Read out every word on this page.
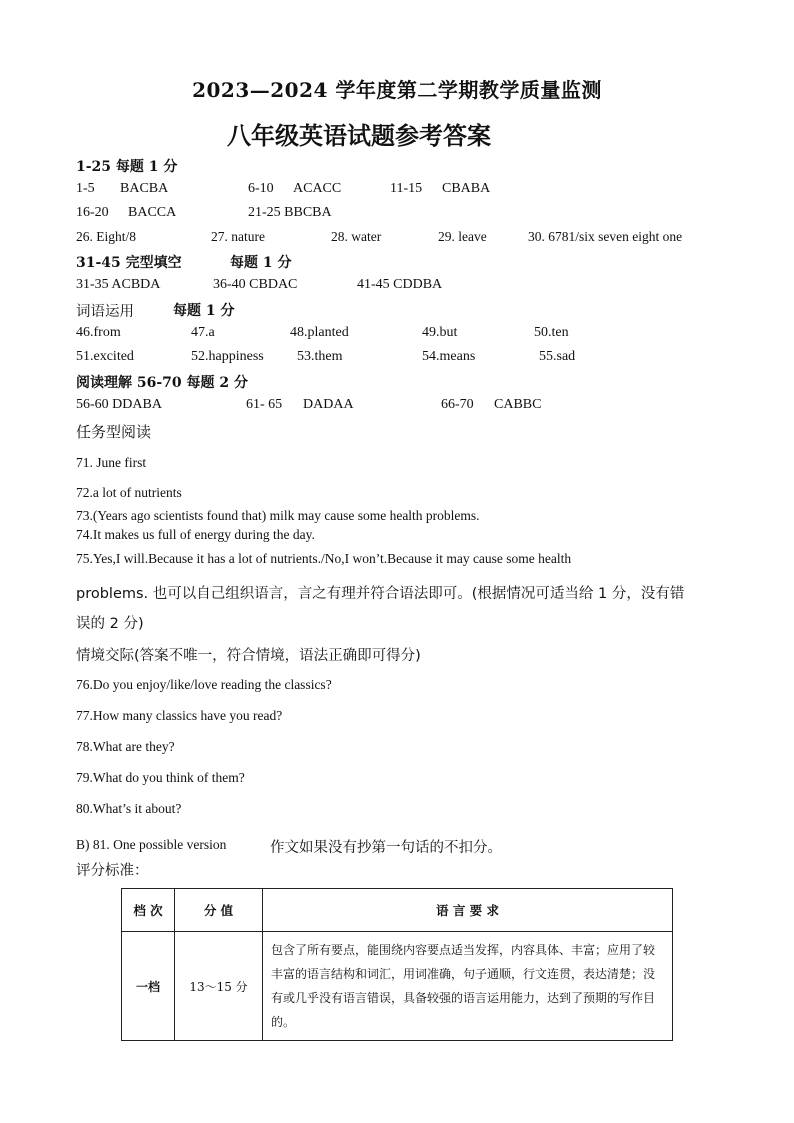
2023—2024 学年度第二学期教学质量监测
八年级英语试题参考答案
1-25 每题 1 分
1-5 BACBA	6-10 ACACC	11-15 CBABA
16-20 BACCA	21-25 BBCBA
26. Eight/8	27. nature	28. water	29. leave	30. 6781/six seven eight one
31-45 完型填空	每题 1 分
31-35 ACBDA	36-40 CBDAC	41-45 CDDBA
词语运用	每题 1 分
46.from	47.a	48.planted	49.but	50.ten
51.excited	52.happiness 53.them	54.means	55.sad
阅读理解 56-70 每题 2 分
56-60 DDABA	61- 65 DADAA	66-70 CABBC
任务型阅读
71. June first
72.a lot of nutrients
73.(Years ago scientists found that) milk may cause some health problems.
74.It makes us full of energy during the day.
75.Yes,I will.Because it has a lot of nutrients./No,I won’t.Because it may cause some health
problems. 也可以自己组织语言，言之有理并符合语法即可。(根据情况可适当给 1 分，没有错
误的 2 分)
情境交际(答案不唯一，符合情境，语法正确即可得分)
76.Do you enjoy/like/love reading the classics?
77.How many classics have you read?
78.What are they?
79.What do you think of them?
80.What’s it about?
B) 81. One possible version	作文如果没有抄第一句话的不扣分。
评分标准：
档 次	分 值	语 言 要 求
一档	13～15 分	包含了所有要点，能围绕内容要点适当发挥，内容具体、丰富；应用了较丰富的语言结构和词汇，用词准确，句子通顺，行文连贯，表达清楚；没有或几乎没有语言错误，具备较强的语言运用能力，达到了预期的写作目的。
